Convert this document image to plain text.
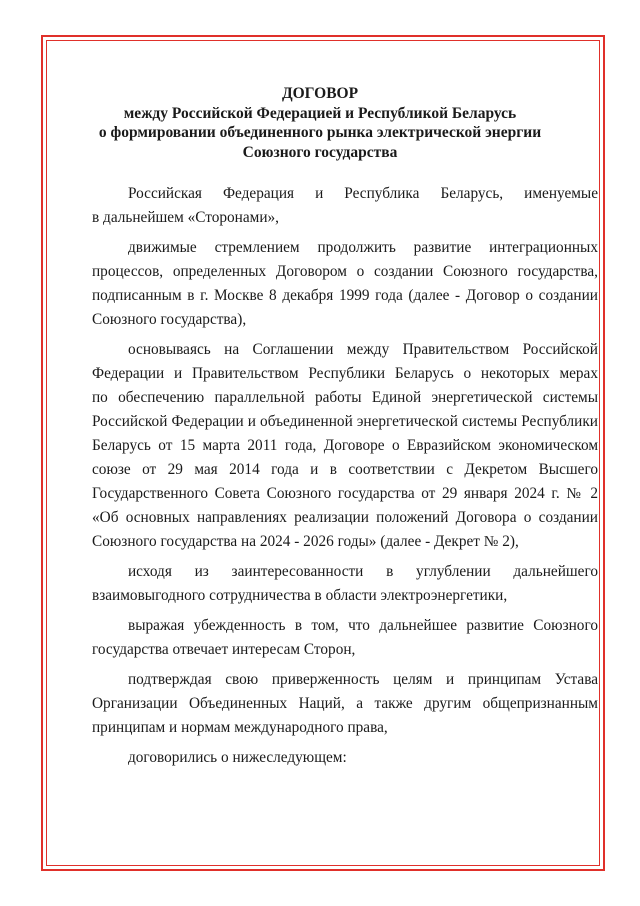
ДОГОВОР
между Российской Федерацией и Республикой Беларусь
о формировании объединенного рынка электрической энергии
Союзного государства
Российская Федерация и Республика Беларусь, именуемые
в дальнейшем «Сторонами»,
движимые стремлением продолжить развитие интеграционных
процессов, определенных Договором о создании Союзного государства,
подписанным в г. Москве 8 декабря 1999 года (далее - Договор о создании
Союзного государства),
основываясь на Соглашении между Правительством Российской
Федерации и Правительством Республики Беларусь о некоторых мерах
по обеспечению параллельной работы Единой энергетической системы
Российской Федерации и объединенной энергетической системы Республики
Беларусь от 15 марта 2011 года, Договоре о Евразийском экономическом
союзе от 29 мая 2014 года и в соответствии с Декретом Высшего
Государственного Совета Союзного государства от 29 января 2024 г. № 2
«Об основных направлениях реализации положений Договора о создании
Союзного государства на 2024 - 2026 годы» (далее - Декрет № 2),
исходя из заинтересованности в углублении дальнейшего
взаимовыгодного сотрудничества в области электроэнергетики,
выражая убежденность в том, что дальнейшее развитие Союзного
государства отвечает интересам Сторон,
подтверждая свою приверженность целям и принципам Устава
Организации Объединенных Наций, а также другим общепризнанным
принципам и нормам международного права,
договорились о нижеследующем:
